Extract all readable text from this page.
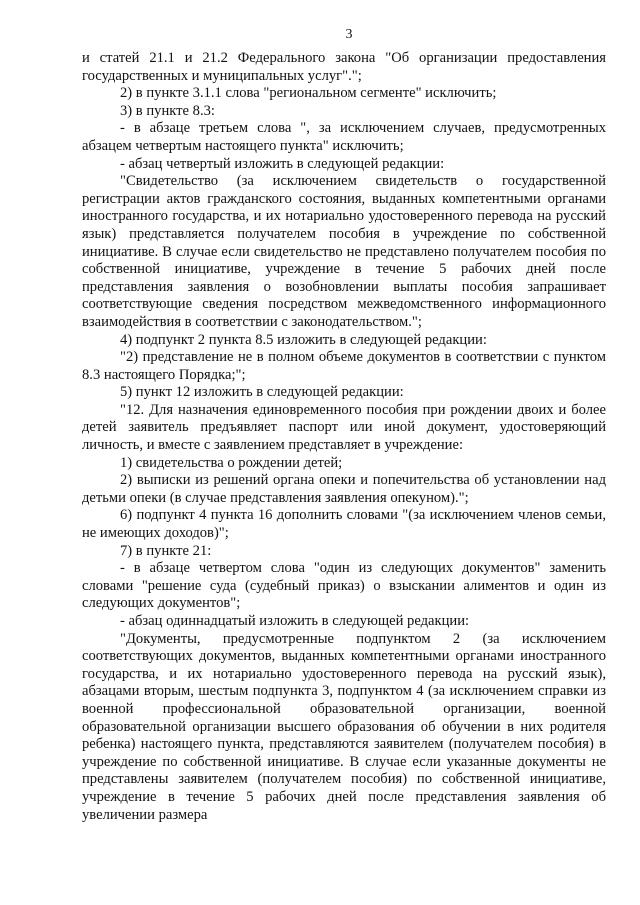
3

и статей 21.1 и 21.2 Федерального закона "Об организации предоставления государственных и муниципальных услуг".";

2) в пункте 3.1.1 слова "региональном сегменте" исключить;

3) в пункте 8.3:

- в абзаце третьем слова ", за исключением случаев, предусмотренных абзацем четвертым настоящего пункта" исключить;

- абзац четвертый изложить в следующей редакции:

"Свидетельство (за исключением свидетельств о государственной регистрации актов гражданского состояния, выданных компетентными органами иностранного государства, и их нотариально удостоверенного перевода на русский язык) представляется получателем пособия в учреждение по собственной инициативе. В случае если свидетельство не представлено получателем пособия по собственной инициативе, учреждение в течение 5 рабочих дней после представления заявления о возобновлении выплаты пособия запрашивает соответствующие сведения посредством межведомственного информационного взаимодействия в соответствии с законодательством.";

4) подпункт 2 пункта 8.5 изложить в следующей редакции:

"2) представление не в полном объеме документов в соответствии с пунктом 8.3 настоящего Порядка;";

5) пункт 12 изложить в следующей редакции:

"12. Для назначения единовременного пособия при рождении двоих и более детей заявитель предъявляет паспорт или иной документ, удостоверяющий личность, и вместе с заявлением представляет в учреждение:

1) свидетельства о рождении детей;

2) выписки из решений органа опеки и попечительства об установлении над детьми опеки (в случае представления заявления опекуном).";

6) подпункт 4 пункта 16 дополнить словами "(за исключением членов семьи, не имеющих доходов)";

7) в пункте 21:

- в абзаце четвертом слова "один из следующих документов" заменить словами "решение суда (судебный приказ) о взыскании алиментов и один из следующих документов";

- абзац одиннадцатый изложить в следующей редакции:

"Документы, предусмотренные подпунктом 2 (за исключением соответствующих документов, выданных компетентными органами иностранного государства, и их нотариально удостоверенного перевода на русский язык), абзацами вторым, шестым подпункта 3, подпунктом 4 (за исключением справки из военной профессиональной образовательной организации, военной образовательной организации высшего образования об обучении в них родителя ребенка) настоящего пункта, представляются заявителем (получателем пособия) в учреждение по собственной инициативе. В случае если указанные документы не представлены заявителем (получателем пособия) по собственной инициативе, учреждение в течение 5 рабочих дней после представления заявления об увеличении размера
